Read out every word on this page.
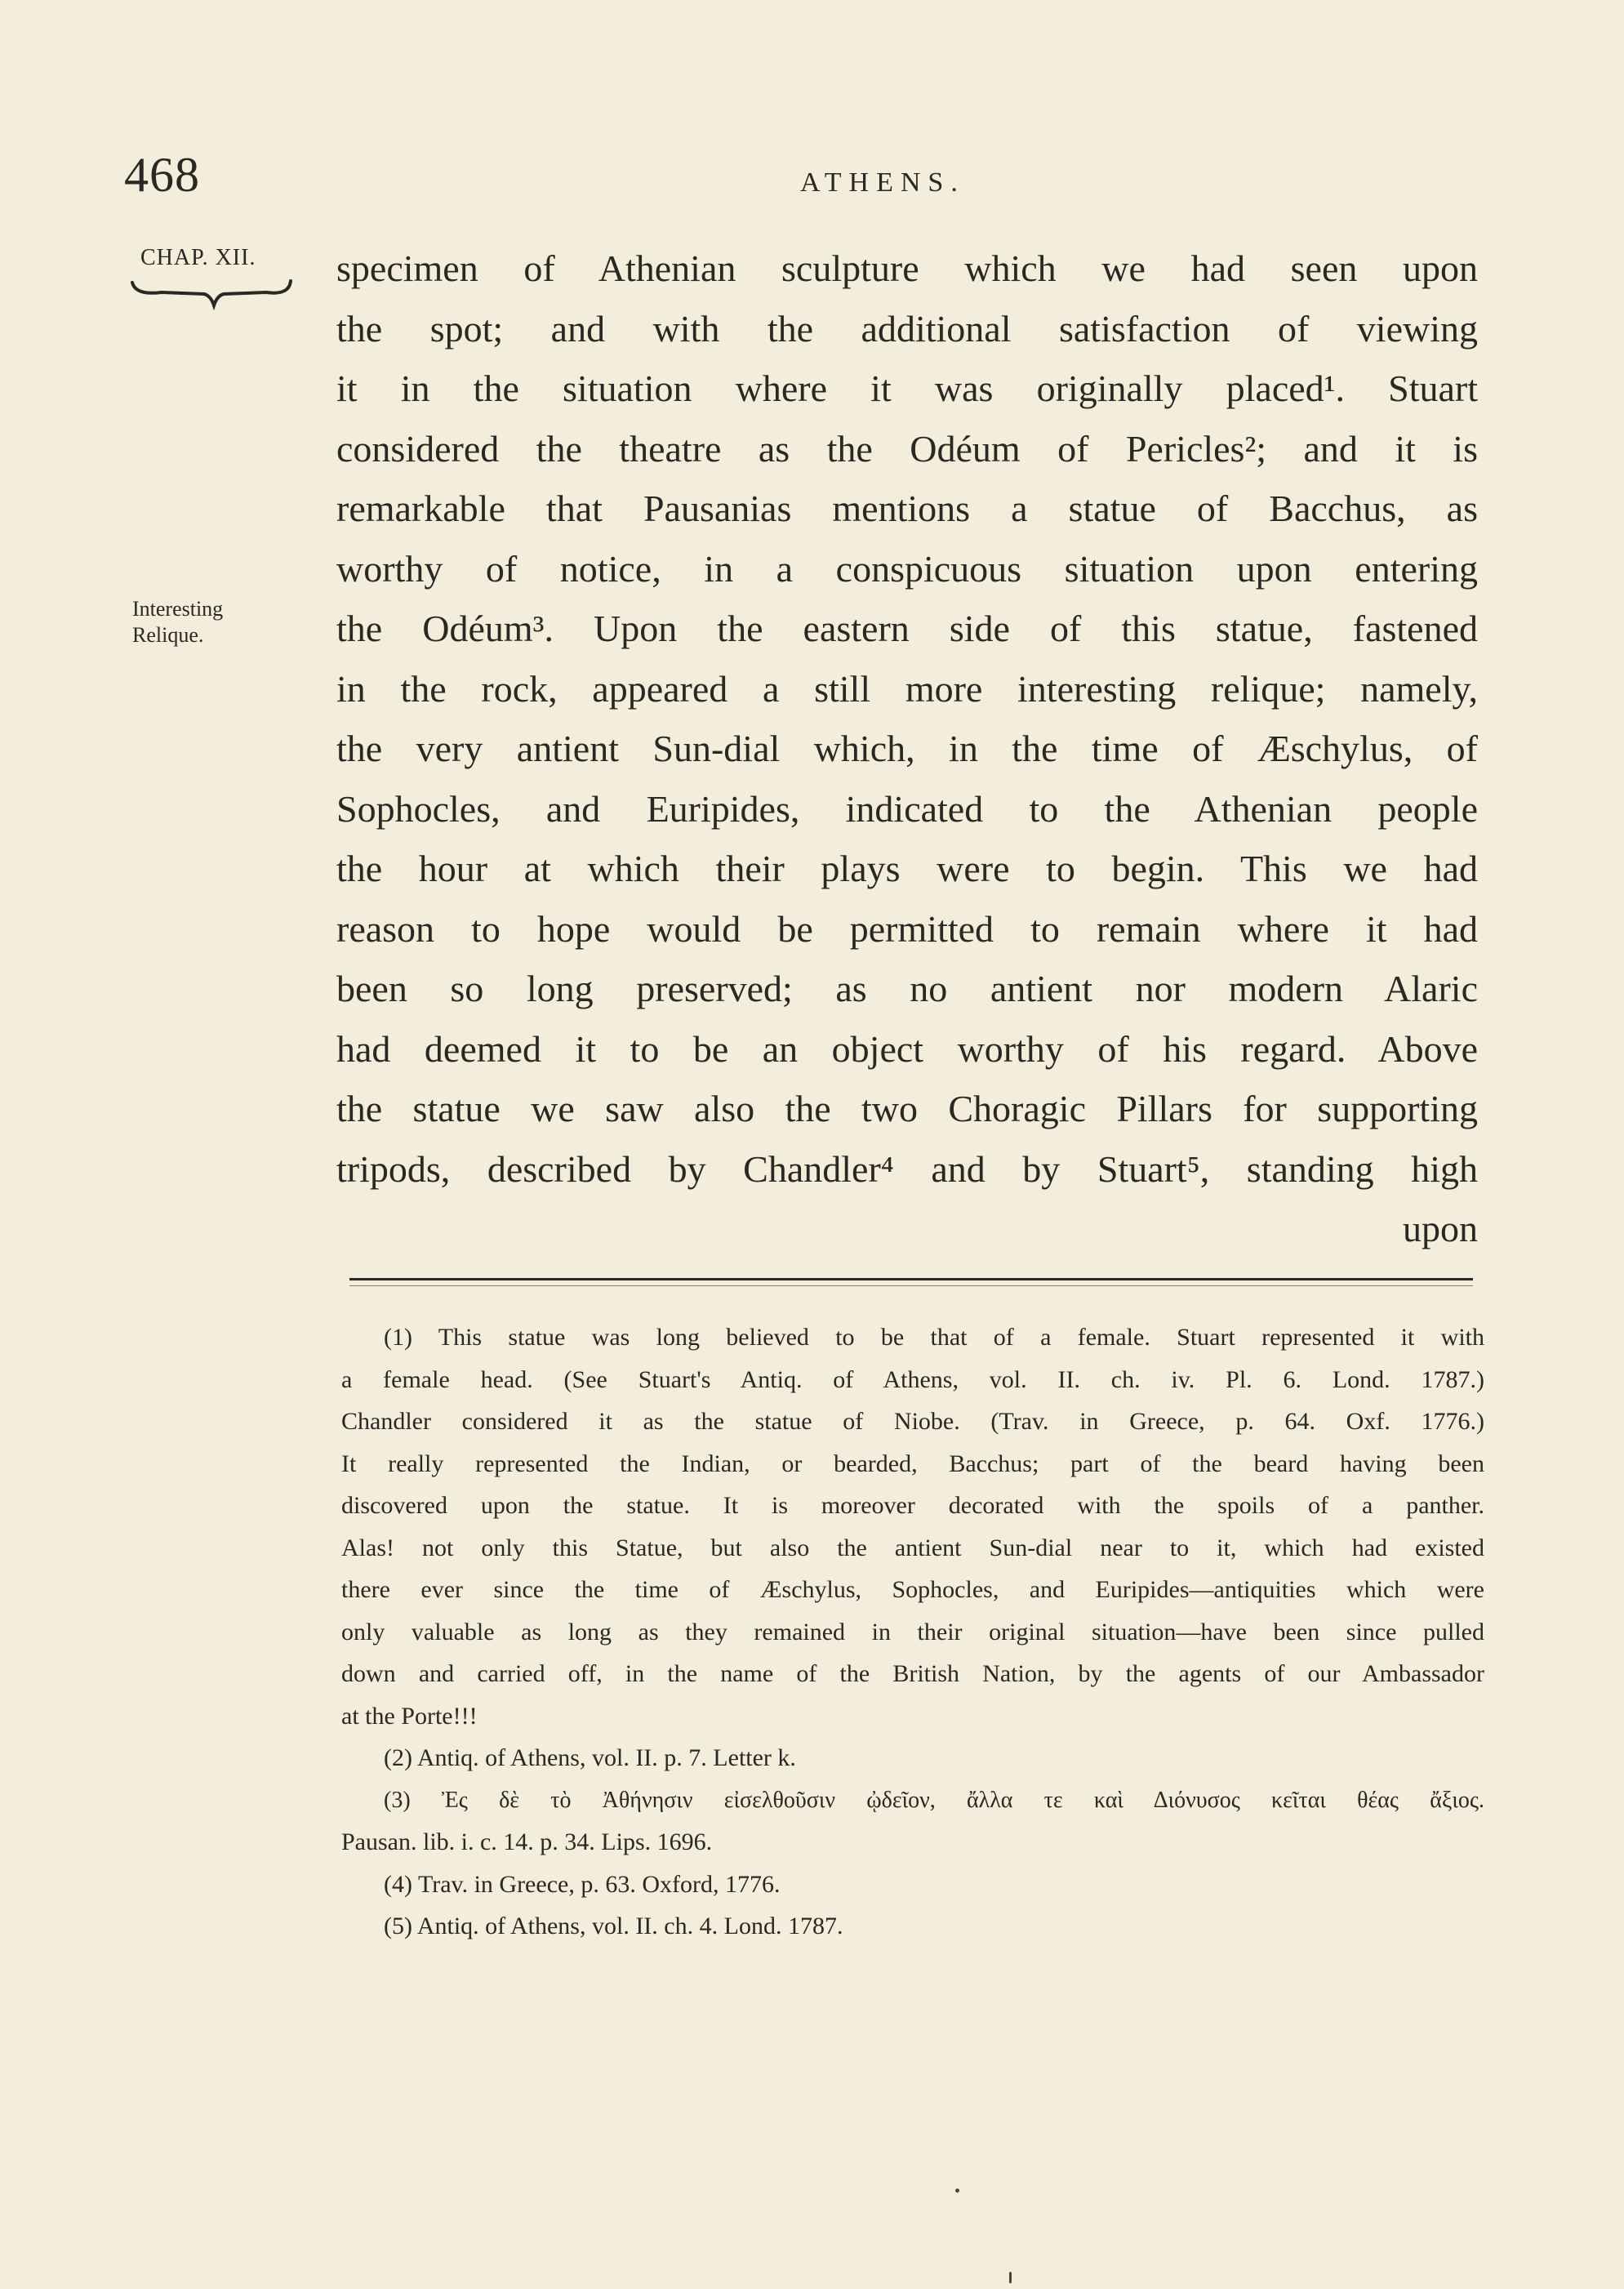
468	ATHENS.
CHAP. XII.
Interesting
Relique.
specimen of Athenian sculpture which we had seen upon
the spot; and with the additional satisfaction of viewing
it in the situation where it was originally placed¹. Stuart
considered the theatre as the Odéum of Pericles²; and it is
remarkable that Pausanias mentions a statue of Bacchus, as
worthy of notice, in a conspicuous situation upon entering
the Odéum³. Upon the eastern side of this statue, fastened
in the rock, appeared a still more interesting relique; namely,
the very antient Sun-dial which, in the time of Æschylus, of
Sophocles, and Euripides, indicated to the Athenian people
the hour at which their plays were to begin. This we had
reason to hope would be permitted to remain where it had
been so long preserved; as no antient nor modern Alaric
had deemed it to be an object worthy of his regard. Above
the statue we saw also the two Choragic Pillars for supporting
tripods, described by Chandler⁴ and by Stuart⁵, standing high
upon
(1) This statue was long believed to be that of a female. Stuart represented it with
a female head. (See Stuart's Antiq. of Athens, vol. II. ch. iv. Pl. 6. Lond. 1787.)
Chandler considered it as the statue of Niobe. (Trav. in Greece, p. 64. Oxf. 1776.)
It really represented the Indian, or bearded, Bacchus; part of the beard having been
discovered upon the statue. It is moreover decorated with the spoils of a panther.
Alas! not only this Statue, but also the antient Sun-dial near to it, which had existed
there ever since the time of Æschylus, Sophocles, and Euripides—antiquities which were
only valuable as long as they remained in their original situation—have been since pulled
down and carried off, in the name of the British Nation, by the agents of our Ambassador
at the Porte!!!
(2) Antiq. of Athens, vol. II. p. 7. Letter k.
(3) Ἐς δὲ τὸ Ἀθήνησιν εἰσελθοῦσιν ᾠδεῖον, ἄλλα τε καὶ Διόνυσος κεῖται θέας ἄξιος.
Pausan. lib. i. c. 14. p. 34. Lips. 1696.
(4) Trav. in Greece, p. 63. Oxford, 1776.
(5) Antiq. of Athens, vol. II. ch. 4. Lond. 1787.
